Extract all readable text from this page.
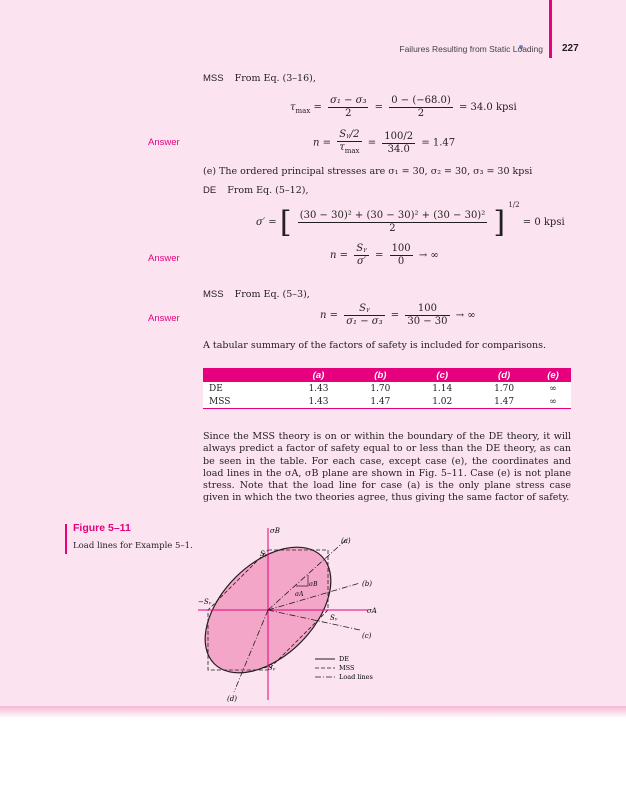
Failures Resulting from Static Loading 227
MSS From Eq. (3–16),
$\tau_{max} = \frac{\text{σ₁ − σ₃}}{2} = \frac{0 - (-68.0)}{2} = 34.0$ kpsi
Answer	$n = \frac{\text{Sᵧ/2}}{\tau_{max}} = \frac{100/2}{34.0} = 1.47$
(e) The ordered principal stresses are σ₁ = 30, σ₂ = 30, σ₃ = 30 kpsi
DE From Eq. (5–12),
σ′ = [ $\frac{\text{(30 − 30)² + (30 − 30)² + (30 − 30)²}}{2}$ ] $^{1/2}$ = 0 kpsi
Answer	$n = \frac{\text{Sᵧ}}{\sigma'} = \frac{100}{0}$ → ∞
MSS From Eq. (5–3),
Answer	$n = \frac{\text{Sᵧ}}{\text{σ₁ − σ₃}} = \frac{100}{30 - 30}$ → ∞
A tabular summary of the factors of safety is included for comparisons.
	(a)	(b)	(c)	(d)	(e)
DE	1.43	1.70	1.14	1.70	∞
MSS	1.43	1.47	1.02	1.47	∞
Since the MSS theory is on or within the boundary of the DE theory, it will always predict a factor of safety equal to or less than the DE theory, as can be seen in the table. For each case, except case (e), the coordinates and load lines in the σA, σB plane are shown in Fig. 5–11. Case (e) is not plane stress. Note that the load line for case (a) is the only plane stress case given in which the two theories agree, thus giving the same factor of safety.
Figure 5–11
Load lines for Example 5–1.
σB
σA
Sᵧ
Sᵧ
−Sᵧ
−Sᵧ
(a)
(b)
(c)
(d)
σB
σA
DE
MSS
Load lines
